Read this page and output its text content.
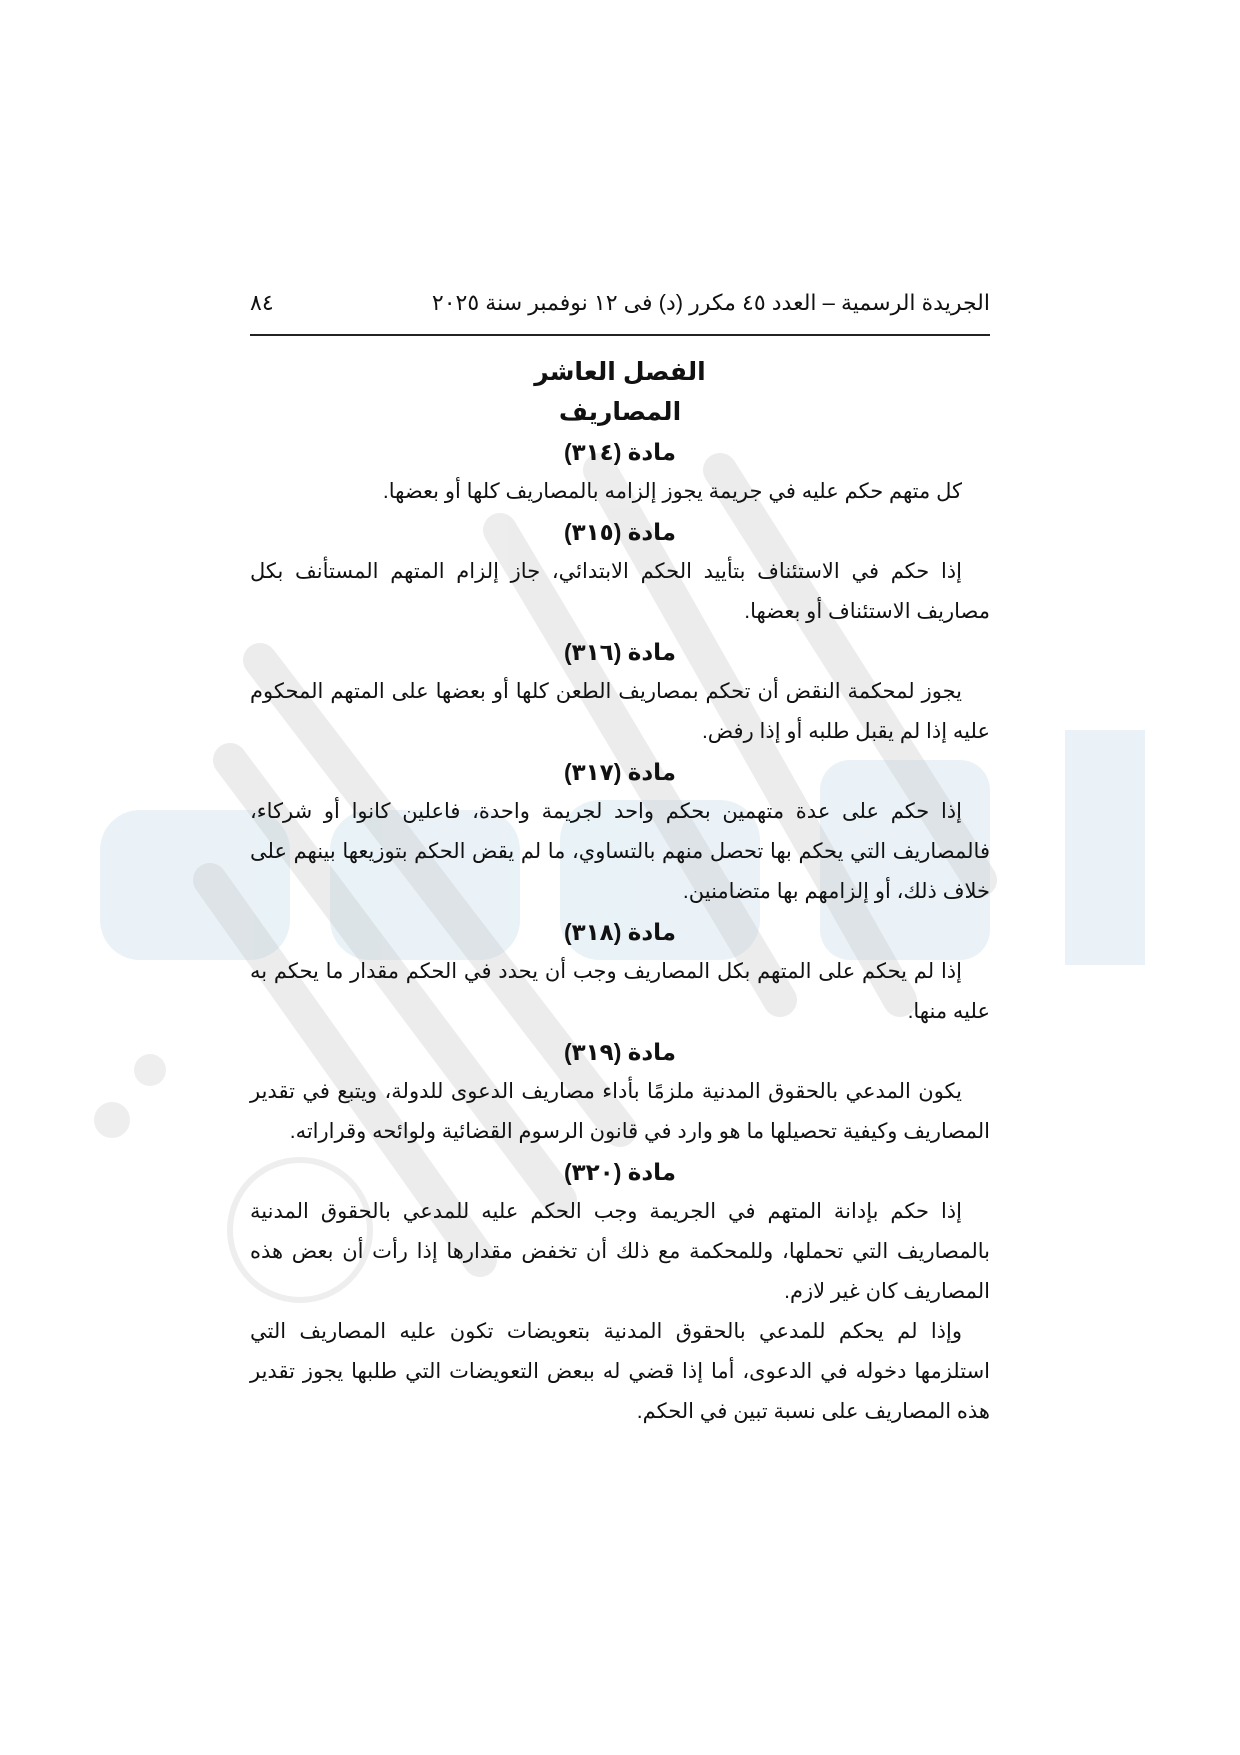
الجريدة الرسمية – العدد ٤٥ مكرر (د) فى ١٢ نوفمبر سنة ٢٠٢٥
٨٤

الفصل العاشر

المصاريف

مادة (٣١٤)

كل متهم حكم عليه في جريمة يجوز إلزامه بالمصاريف كلها أو بعضها.

مادة (٣١٥)

إذا حكم في الاستئناف بتأييد الحكم الابتدائي، جاز إلزام المتهم المستأنف بكل مصاريف الاستئناف أو بعضها.

مادة (٣١٦)

يجوز لمحكمة النقض أن تحكم بمصاريف الطعن كلها أو بعضها على المتهم المحكوم عليه إذا لم يقبل طلبه أو إذا رفض.

مادة (٣١٧)

إذا حكم على عدة متهمين بحكم واحد لجريمة واحدة، فاعلين كانوا أو شركاء، فالمصاريف التي يحكم بها تحصل منهم بالتساوي، ما لم يقض الحكم بتوزيعها بينهم على خلاف ذلك، أو إلزامهم بها متضامنين.

مادة (٣١٨)

إذا لم يحكم على المتهم بكل المصاريف وجب أن يحدد في الحكم مقدار ما يحكم به عليه منها.

مادة (٣١٩)

يكون المدعي بالحقوق المدنية ملزمًا بأداء مصاريف الدعوى للدولة، ويتبع في تقدير المصاريف وكيفية تحصيلها ما هو وارد في قانون الرسوم القضائية ولوائحه وقراراته.

مادة (٣٢٠)

إذا حكم بإدانة المتهم في الجريمة وجب الحكم عليه للمدعي بالحقوق المدنية بالمصاريف التي تحملها، وللمحكمة مع ذلك أن تخفض مقدارها إذا رأت أن بعض هذه المصاريف كان غير لازم.

وإذا لم يحكم للمدعي بالحقوق المدنية بتعويضات تكون عليه المصاريف التي استلزمها دخوله في الدعوى، أما إذا قضي له ببعض التعويضات التي طلبها يجوز تقدير هذه المصاريف على نسبة تبين في الحكم.
